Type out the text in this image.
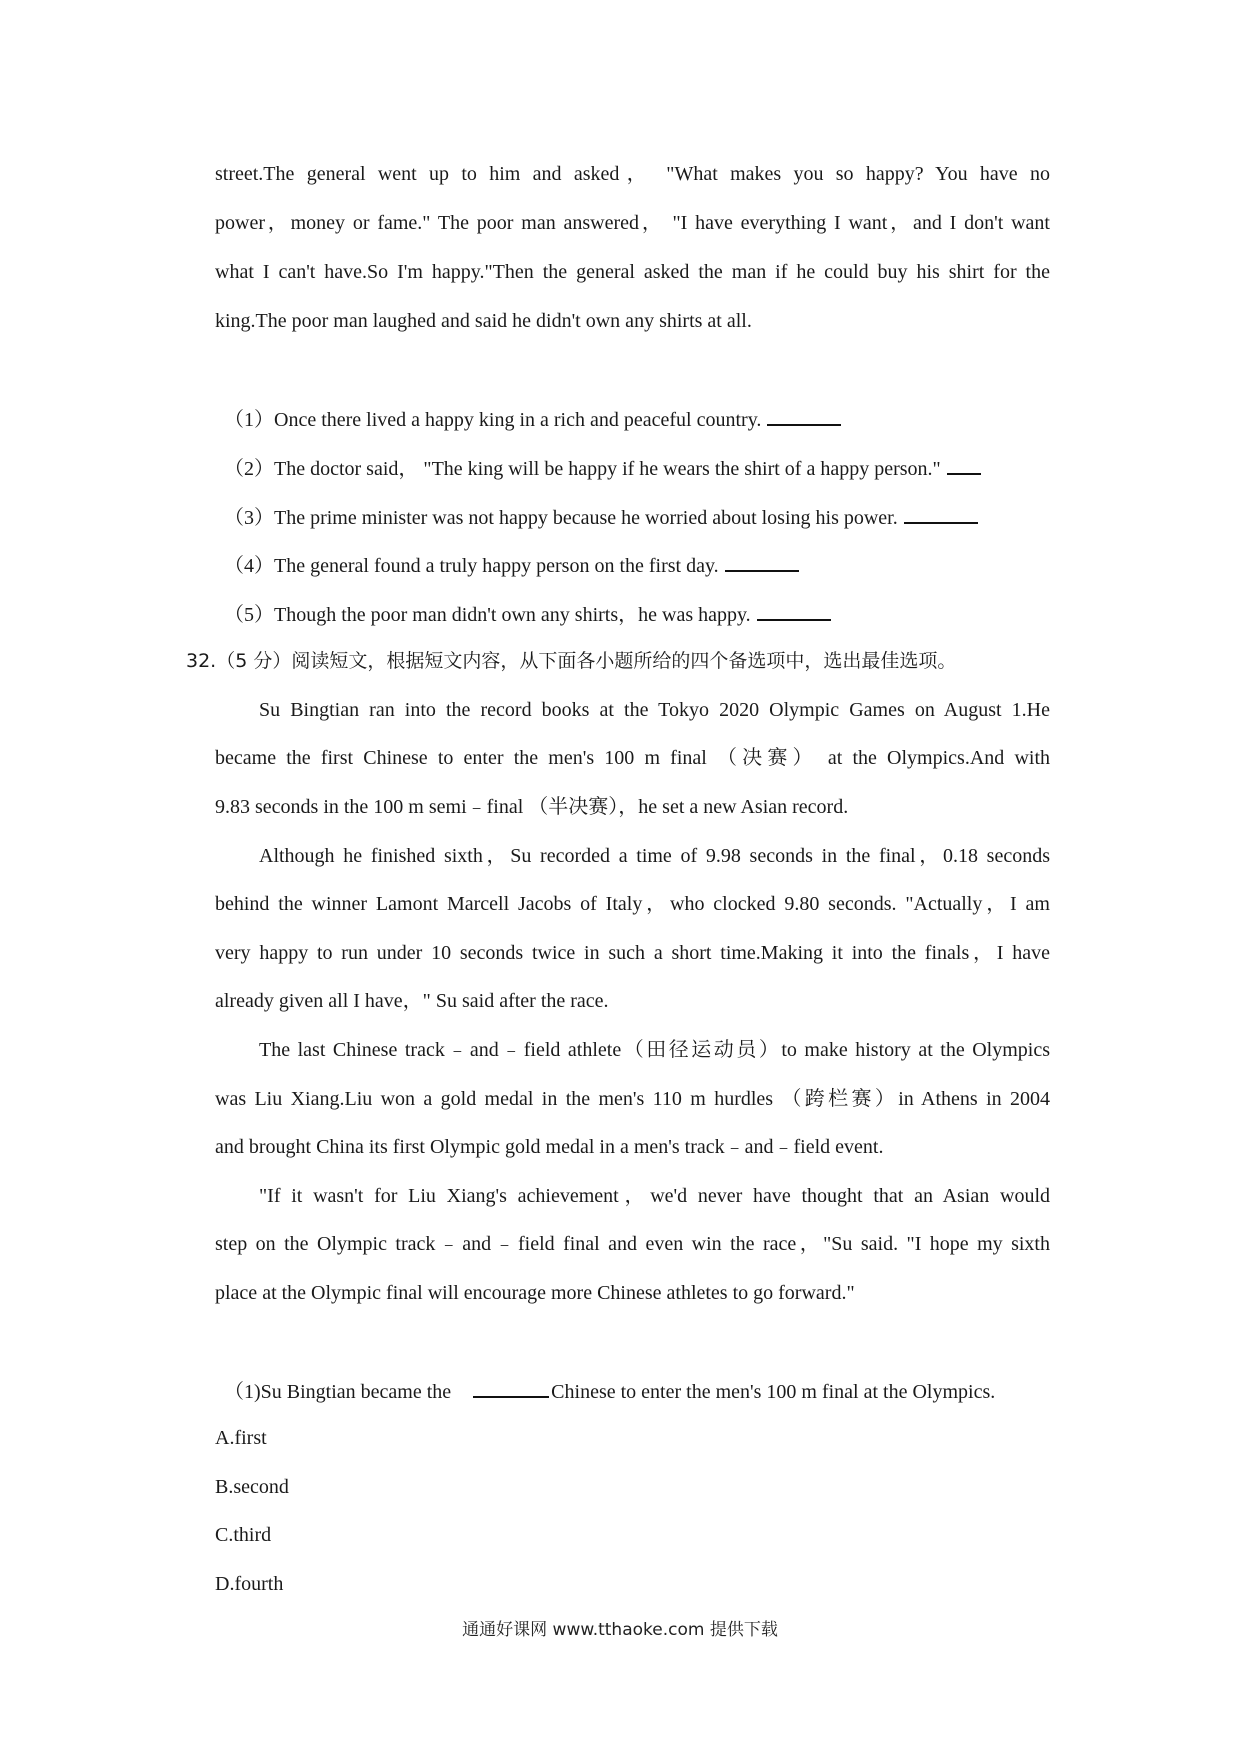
street.The general went up to him and asked， "What makes you so happy? You have no
power，money or fame." The poor man answered， "I have everything I want，and I don't want
what I can't have.So I'm happy."Then the general asked the man if he could buy his shirt for the
king.The poor man laughed and said he didn't own any shirts at all.
（1）Once there lived a happy king in a rich and peaceful country.
（2）The doctor said， "The king will be happy if he wears the shirt of a happy person."
（3）The prime minister was not happy because he worried about losing his power.
（4）The general found a truly happy person on the first day.
（5）Though the poor man didn't own any shirts，he was happy.
32.（5 分）阅读短文，根据短文内容，从下面各小题所给的四个备选项中，选出最佳选项。
Su Bingtian ran into the record books at the Tokyo 2020 Olympic Games on August 1.He
became the first Chinese to enter the men's 100 m final （决赛） at the Olympics.And with
9.83 seconds in the 100 m semi﹣final （半决赛），he set a new Asian record.
Although he finished sixth，Su recorded a time of 9.98 seconds in the final，0.18 seconds
behind the winner Lamont Marcell Jacobs of Italy，who clocked 9.80 seconds. "Actually，I am
very happy to run under 10 seconds twice in such a short time.Making it into the finals，I have
already given all I have，" Su said after the race.
The last Chinese track﹣and﹣field athlete（田径运动员）to make history at the Olympics
was Liu Xiang.Liu won a gold medal in the men's 110 m hurdles （跨栏赛）in Athens in 2004
and brought China its first Olympic gold medal in a men's track﹣and﹣field event.
"If it wasn't for Liu Xiang's achievement，we'd never have thought that an Asian would
step on the Olympic track﹣and﹣field final and even win the race，"Su said. "I hope my sixth
place at the Olympic final will encourage more Chinese athletes to go forward."
（1)Su Bingtian became the	Chinese to enter the men's 100 m final at the Olympics.
A.first
B.second
C.third
D.fourth
通通好课网 www.tthaoke.com 提供下载
